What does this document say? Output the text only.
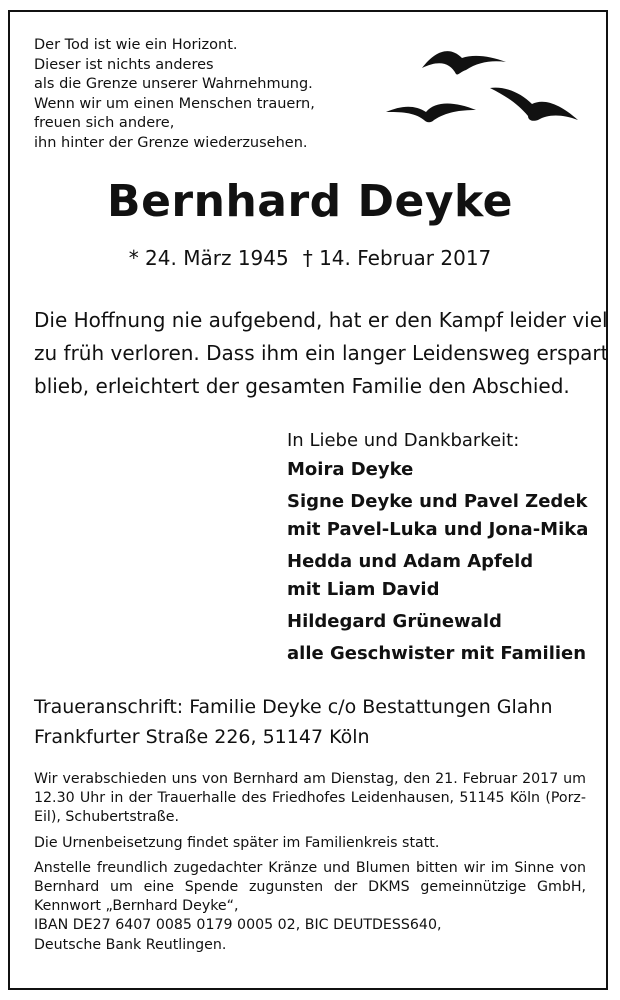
Der Tod ist wie ein Horizont.
Dieser ist nichts anderes
als die Grenze unserer Wahrnehmung.
Wenn wir um einen Menschen trauern,
freuen sich andere,
ihn hinter der Grenze wiederzusehen.
Bernhard Deyke
* 24. März 1945 † 14. Februar 2017
Die Hoffnung nie aufgebend, hat er den Kampf leider viel
zu früh verloren. Dass ihm ein langer Leidensweg erspart
blieb, erleichtert der gesamten Familie den Abschied.
In Liebe und Dankbarkeit:
Moira Deyke
Signe Deyke und Pavel Zedek
mit Pavel-Luka und Jona-Mika
Hedda und Adam Apfeld
mit Liam David
Hildegard Grünewald
alle Geschwister mit Familien
Traueranschrift: Familie Deyke c/o Bestattungen Glahn
Frankfurter Straße 226, 51147 Köln
Wir verabschieden uns von Bernhard am Dienstag, den 21. Februar 2017 um 12.30 Uhr in der Trauerhalle des Friedhofes Leidenhausen, 51145 Köln (Porz-Eil), Schubertstraße.
Die Urnenbeisetzung findet später im Familienkreis statt.
Anstelle freundlich zugedachter Kränze und Blumen bitten wir im Sinne von Bernhard um eine Spende zugunsten der DKMS gemeinnützige GmbH, Kennwort „Bernhard Deyke“,
IBAN DE27 6407 0085 0179 0005 02, BIC DEUTDESS640,
Deutsche Bank Reutlingen.
